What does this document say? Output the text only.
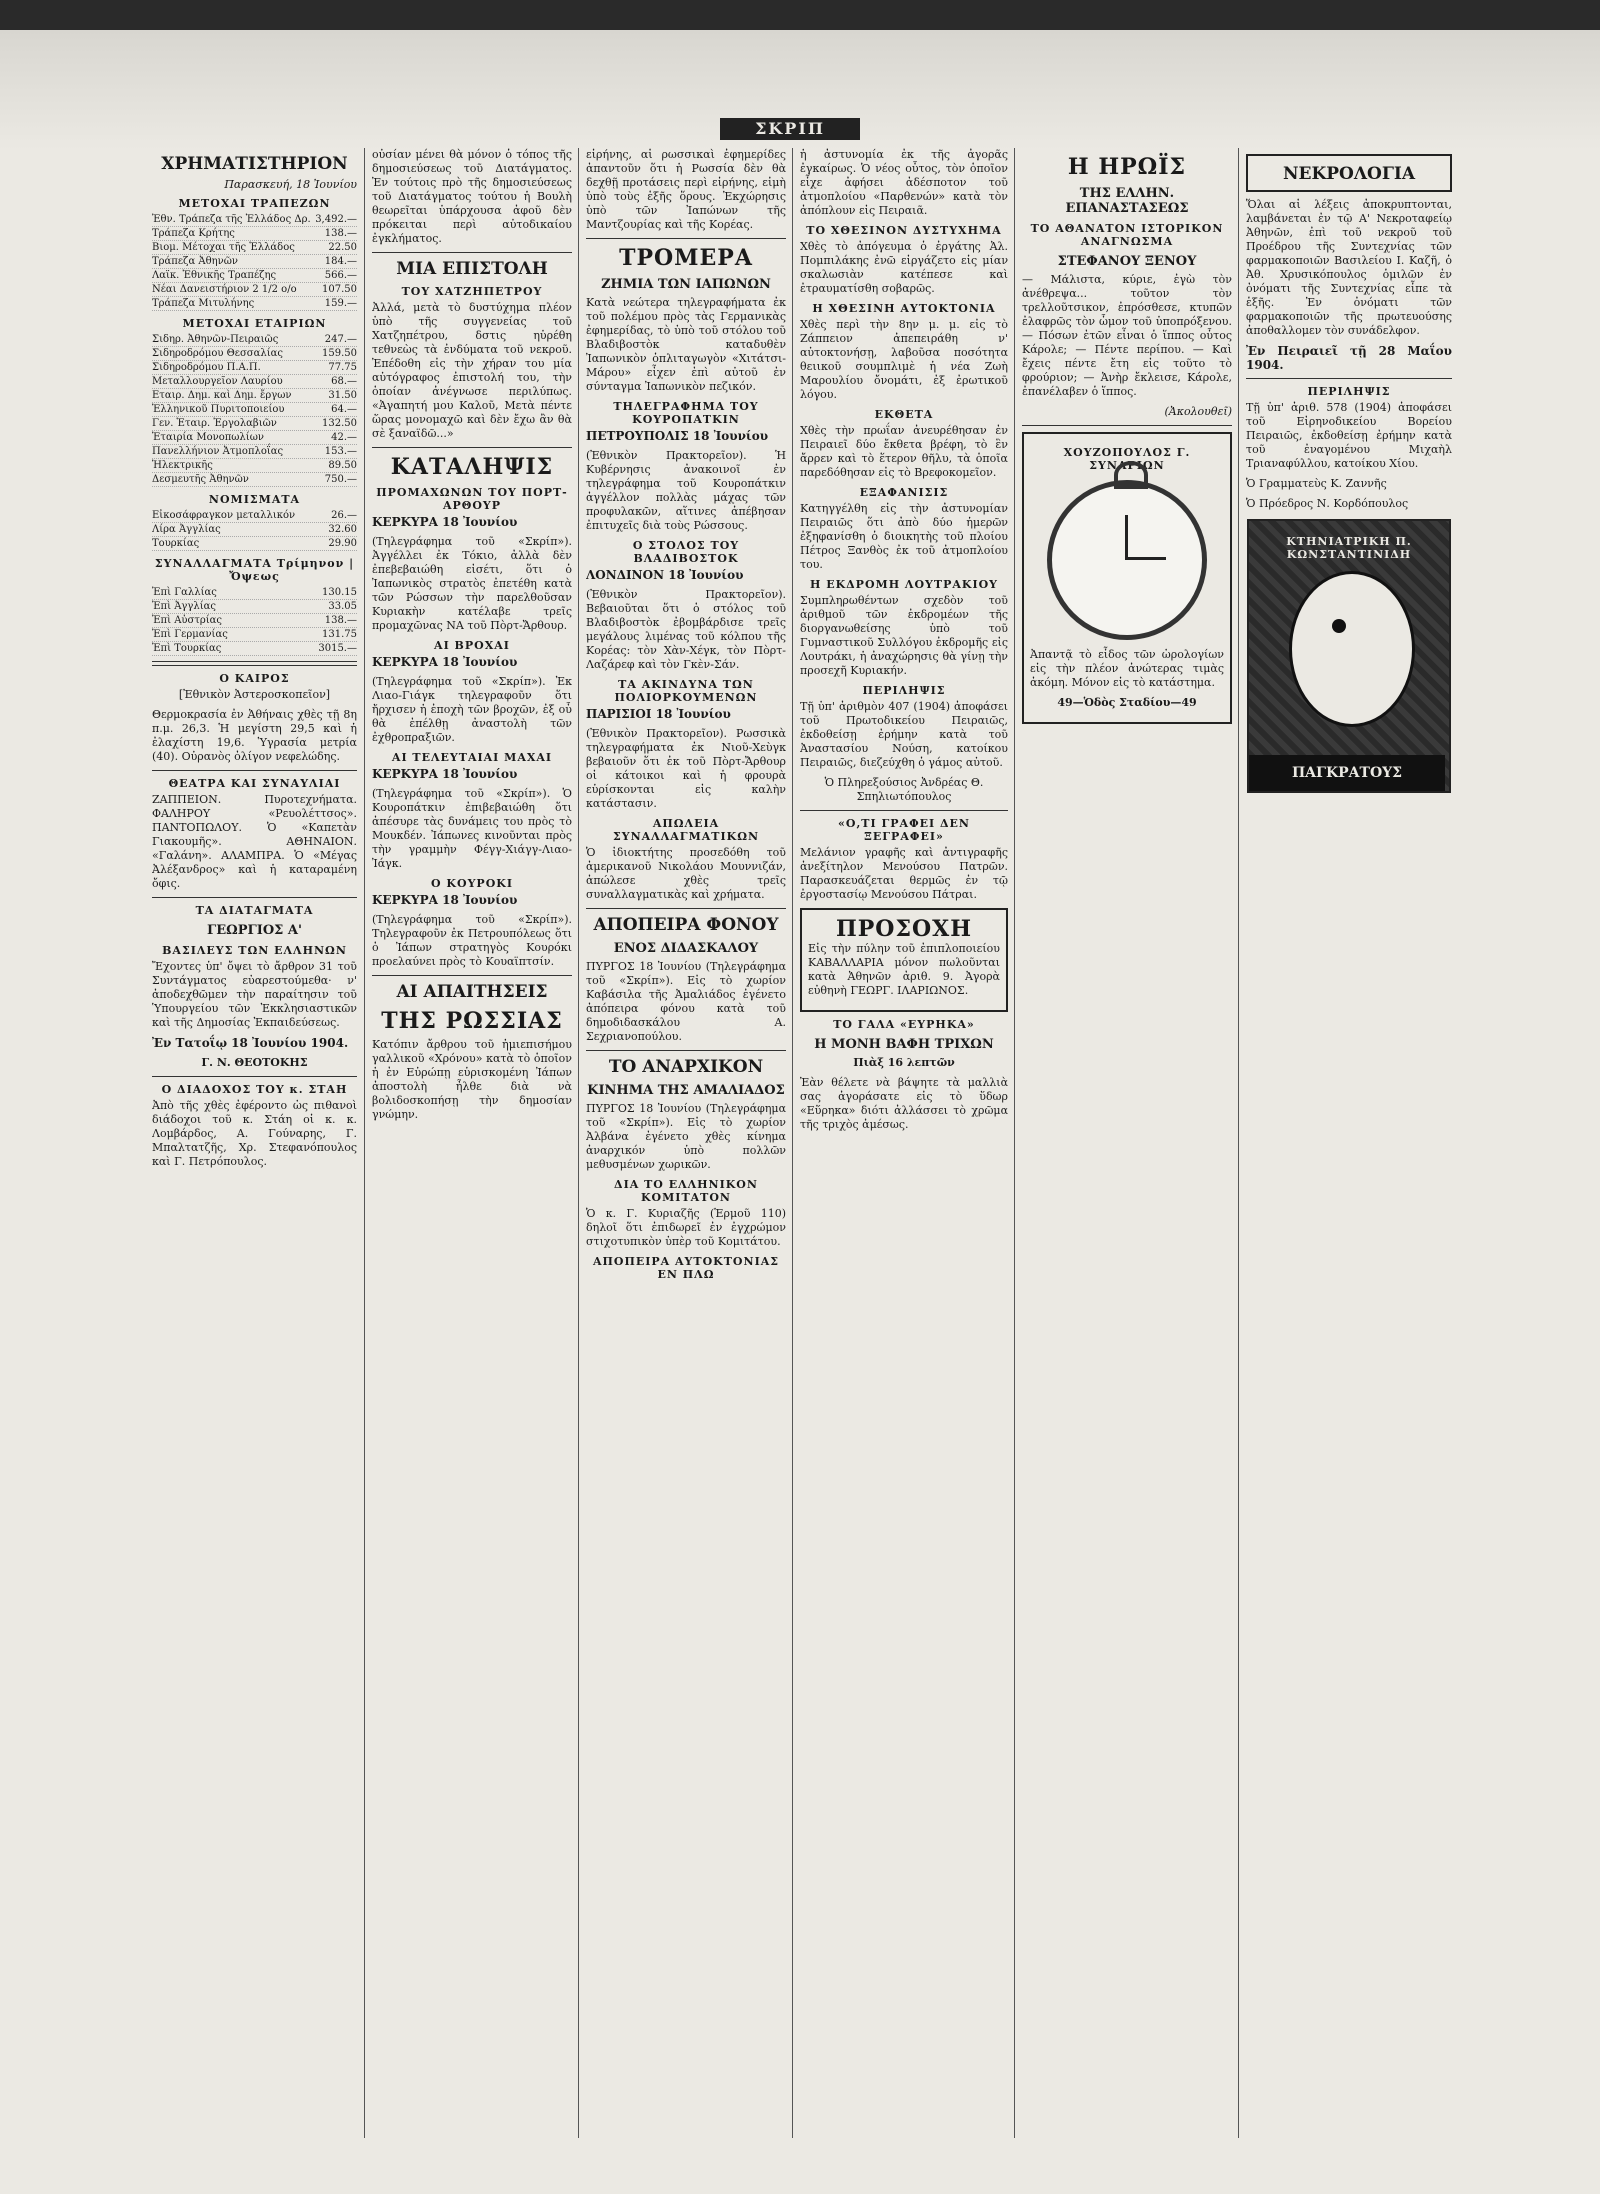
ΣΚΡΙΠ
ΧΡΗΜΑΤΙΣΤΗΡΙΟΝ
Παρασκευή, 18 Ἰουνίου
ΜΕΤΟΧΑΙ ΤΡΑΠΕΖΩΝ
Ἐθν. Τράπεζα τῆς Ἑλλάδος Δρ. 3,492.—
Τράπεζα Κρήτης	138.—
Βιομ. Μέτοχαι τῆς Ἑλλάδος	22.50
Τράπεζα Ἀθηνῶν	184.—
Λαϊκ. Ἐθνικῆς Τραπέζης	566.—
Νέαι Δανειστήριον 2 1/2 ο/ο	107.50
Τράπεζα Μιτυλήνης	159.—
ΜΕΤΟΧΑΙ ΕΤΑΙΡΙΩΝ
Σιδηρ. Ἀθηνῶν-Πειραιῶς	247.—
Σιδηροδρόμου Θεσσαλίας	159.50
Σιδηροδρόμου Π.Α.Π.	77.75
Μεταλλουργεῖον Λαυρίου	68.—
Εταιρ. Δημ. καὶ Δημ. ἔργων	31.50
Ἑλληνικοῦ Πυριτοποιείου	64.—
Γεν. Ἑταιρ. Ἐργολαβιῶν	132.50
Ἑταιρία Μονοπωλίων	42.—
Πανελλήνιον Ἀτμοπλοΐας	153.—
Ἡλεκτρικῆς	89.50
Δεσμευτῆς Ἀθηνῶν	750.—
ΝΟΜΙΣΜΑΤΑ
Εἰκοσάφραγκον μεταλλικόν	26.—
Λίρα Ἀγγλίας	32.60
Τουρκίας	29.90
ΣΥΝΑΛΛΑΓΜΑΤΑ Τρίμηνον | Ὄψεως
Ἐπὶ Γαλλίας	130.15
Ἐπὶ Ἀγγλίας	33.05
Ἐπὶ Αὐστρίας	138.—
Ἐπὶ Γερμανίας	131.75
Ἐπὶ Τουρκίας	3015.—
Ο ΚΑΙΡΟΣ
[Ἐθνικὸν Ἀστεροσκοπεῖον]
Θερμοκρασία ἐν Ἀθήναις χθὲς τῇ 8η π.μ. 26,3. Ἡ μεγίστη 29,5 καὶ ἡ ἐλαχίστη 19,6. Ὑγρασία μετρία (40). Οὐρανὸς ὀλίγον νεφελώδης.
ΘΕΑΤΡΑ ΚΑΙ ΣΥΝΑΥΛΙΑΙ
ΖΑΠΠΕΙΟΝ. Πυροτεχνήματα. ΦΑΛΗΡΟΥ «Ρευολέττσος». ΠΑΝΤΟΠΩΛΟΥ. Ὁ «Καπετὰν Γιακουμῆς». ΑΘΗΝΑΙΟΝ. «Γαλάνη». ΑΛΑΜΠΡΑ. Ὁ «Μέγας Ἀλέξανδρος» καὶ ἡ καταραμένη ὄφις.
ΤΑ ΔΙΑΤΑΓΜΑΤΑ
ΓΕΩΡΓΙΟΣ Α'
ΒΑΣΙΛΕΥΣ ΤΩΝ ΕΛΛΗΝΩΝ
Ἔχοντες ὑπ' ὄψει τὸ ἄρθρον 31 τοῦ Συντάγματος εὐαρεστούμεθα· ν' ἀποδεχθῶμεν τὴν παραίτησιν τοῦ Ὑπουργείου τῶν Ἐκκλησιαστικῶν καὶ τῆς Δημοσίας Ἐκπαιδεύσεως.
Ἐν Τατοΐῳ 18 Ἰουνίου 1904.
Γ. Ν. ΘΕΟΤΟΚΗΣ
Ο ΔΙΑΔΟΧΟΣ ΤΟΥ κ. ΣΤΑΗ
Ἀπὸ τῆς χθὲς ἐφέροντο ὡς πιθανοὶ διάδοχοι τοῦ κ. Στάη οἱ κ. κ. Λομβάρδος, Α. Γούναρης, Γ. Μπαλτατζῆς, Χρ. Στεφανόπουλος καὶ Γ. Πετρόπουλος.
οὐσίαν μένει θὰ μόνον ὁ τόπος τῆς δημοσιεύσεως τοῦ Διατάγματος. Ἐν τούτοις πρὸ τῆς δημοσιεύσεως τοῦ Διατάγματος τούτου ἡ Βουλὴ θεωρεῖται ὑπάρχουσα ἀφοῦ δὲν πρόκειται περὶ αὐτοδικαίου ἐγκλήματος.
ΜΙΑ ΕΠΙΣΤΟΛΗ
ΤΟΥ ΧΑΤΖΗΠΕΤΡΟΥ
Ἀλλά, μετὰ τὸ δυστύχημα πλέον ὑπὸ τῆς συγγενείας τοῦ Χατζηπέτρου, δστις ηὑρέθη τεθνεὼς τὰ ἐνδύματα τοῦ νεκροῦ. Ἐπέδοθη εἰς τὴν χήραν του μία αὐτόγραφος ἐπιστολή του, τὴν ὁποίαν ἀνέγνωσε περιλύπως. «Ἀγαπητή μου Καλοῦ, Μετὰ πέντε ὥρας μονομαχῶ καὶ δὲν ἔχω ἂν θὰ σὲ ξαναϊδῶ...»
ΚΑΤΑΛΗΨΙΣ
ΠΡΟΜΑΧΩΝΩΝ ΤΟΥ ΠΟΡΤ-ΑΡΘΟΥΡ
ΚΕΡΚΥΡΑ 18 Ἰουνίου
(Τηλεγράφημα τοῦ «Σκρίπ»). Ἀγγέλλει ἐκ Τόκιο, ἀλλὰ δὲν ἐπεβεβαιώθη εἰσέτι, ὅτι ὁ Ἰαπωνικὸς στρατὸς ἐπετέθη κατὰ τῶν Ρώσσων τὴν παρελθοῦσαν Κυριακὴν κατέλαβε τρεῖς προμαχῶνας ΝΑ τοῦ Πὸρτ-Ἄρθουρ.
ΑΙ ΒΡΟΧΑΙ
ΚΕΡΚΥΡΑ 18 Ἰουνίου
(Τηλεγράφημα τοῦ «Σκρίπ»). Ἐκ Λιαο-Γιάγκ τηλεγραφοῦν ὅτι ἤρχισεν ἡ ἐποχὴ τῶν βροχῶν, ἐξ οὗ θὰ ἐπέλθῃ ἀναστολὴ τῶν ἐχθροπραξιῶν.
ΑΙ ΤΕΛΕΥΤΑΙΑΙ ΜΑΧΑΙ
ΚΕΡΚΥΡΑ 18 Ἰουνίου
(Τηλεγράφημα τοῦ «Σκρίπ»). Ὁ Κουροπάτκιν ἐπιβεβαιώθη ὅτι ἀπέσυρε τὰς δυνάμεις του πρὸς τὸ Μουκδέν. Ἰάπωνες κινοῦνται πρὸς τὴν γραμμὴν Φέγγ-Χιάγγ-Λιαο-Ἰάγκ.
Ο ΚΟΥΡΟΚΙ
ΚΕΡΚΥΡΑ 18 Ἰουνίου
(Τηλεγράφημα τοῦ «Σκρίπ»). Τηλεγραφοῦν ἐκ Πετρουπόλεως ὅτι ὁ Ἰάπων στρατηγὸς Κουρόκι προελαύνει πρὸς τὸ Κουαϊπτσίν.
ΑΙ ΑΠΑΙΤΗΣΕΙΣ
ΤΗΣ ΡΩΣΣΙΑΣ
Κατόπιν ἄρθρου τοῦ ἡμιεπισήμου γαλλικοῦ «Χρόνου» κατὰ τὸ ὁποῖον ἡ ἐν Εὐρώπῃ εὑρισκομένη Ἰάπων ἀποστολὴ ἦλθε διὰ νὰ βολιδοσκοπήσῃ τὴν δημοσίαν γνώμην.
εἰρήνης, αἱ ρωσσικαὶ ἐφημερίδες ἀπαντοῦν ὅτι ἡ Ρωσσία δὲν θὰ δεχθῇ προτάσεις περὶ εἰρήνης, εἰμὴ ὑπὸ τοὺς ἑξῆς ὅρους. Ἐκχώρησις ὑπὸ τῶν Ἰαπώνων τῆς Μαντζουρίας καὶ τῆς Κορέας.
ΤΡΟΜΕΡΑ
ΖΗΜΙΑ ΤΩΝ ΙΑΠΩΝΩΝ
Κατὰ νεώτερα τηλεγραφήματα ἐκ τοῦ πολέμου πρὸς τὰς Γερμανικὰς ἐφημερίδας, τὸ ὑπὸ τοῦ στόλου τοῦ Βλαδιβοστὸκ καταδυθὲν Ἰαπωνικὸν ὁπλιταγωγὸν «Χιτάτσι-Μάρου» εἶχεν ἐπὶ αὐτοῦ ἐν σύνταγμα Ἰαπωνικὸν πεζικόν.
ΤΗΛΕΓΡΑΦΗΜΑ ΤΟΥ ΚΟΥΡΟΠΑΤΚΙΝ
ΠΕΤΡΟΥΠΟΛΙΣ 18 Ἰουνίου
(Ἐθνικὸν Πρακτορεῖον). Ἡ Κυβέρνησις ἀνακοινοῖ ἐν τηλεγράφημα τοῦ Κουροπάτκιν ἀγγέλλον πολλὰς μάχας τῶν προφυλακῶν, αἵτινες ἀπέβησαν ἐπιτυχεῖς διὰ τοὺς Ρώσσους.
Ο ΣΤΟΛΟΣ ΤΟΥ ΒΛΑΔΙΒΟΣΤΟΚ
ΛΟΝΔΙΝΟΝ 18 Ἰουνίου
(Ἐθνικὸν Πρακτορεῖον). Βεβαιοῦται ὅτι ὁ στόλος τοῦ Βλαδιβοστὸκ ἐβομβάρδισε τρεῖς μεγάλους λιμένας τοῦ κόλπου τῆς Κορέας: τὸν Χὰν-Χέγκ, τὸν Πὸρτ-Λαζάρεφ καὶ τὸν Γκὲν-Σάν.
ΤΑ ΑΚΙΝΔΥΝΑ ΤΩΝ ΠΟΛΙΟΡΚΟΥΜΕΝΩΝ
ΠΑΡΙΣΙΟΙ 18 Ἰουνίου
(Ἐθνικὸν Πρακτορεῖον). Ρωσσικὰ τηλεγραφήματα ἐκ Νιοῦ-Χεὺγκ βεβαιοῦν ὅτι ἐκ τοῦ Πὸρτ-Ἄρθουρ οἱ κάτοικοι καὶ ἡ φρουρὰ εὑρίσκονται εἰς καλὴν κατάστασιν.
ΑΠΩΛΕΙΑ ΣΥΝΑΛΛΑΓΜΑΤΙΚΩΝ
Ὁ ἰδιοκτήτης προσεδόθη τοῦ ἀμερικανοῦ Νικολάου Μουννιζάν, ἀπώλεσε χθὲς τρεῖς συναλλαγματικὰς καὶ χρήματα.
ΑΠΟΠΕΙΡΑ ΦΟΝΟΥ
ΕΝΟΣ ΔΙΔΑΣΚΑΛΟΥ
ΠΥΡΓΟΣ 18 Ἰουνίου (Τηλεγράφημα τοῦ «Σκρίπ»). Εἰς τὸ χωρίον Καβάσιλα τῆς Ἀμαλιάδος ἐγένετο ἀπόπειρα φόνου κατὰ τοῦ δημοδιδασκάλου Α. Σεχριανοπούλου.
ΤΟ ΑΝΑΡΧΙΚΟΝ
ΚΙΝΗΜΑ ΤΗΣ ΑΜΑΛΙΑΔΟΣ
ΠΥΡΓΟΣ 18 Ἰουνίου (Τηλεγράφημα τοῦ «Σκρίπ»). Εἰς τὸ χωρίον Ἀλβάνα ἐγένετο χθὲς κίνημα ἀναρχικόν ὑπὸ πολλῶν μεθυσμένων χωρικῶν.
ΔΙΑ ΤΟ ΕΛΛΗΝΙΚΟΝ ΚΟΜΙΤΑΤΟΝ
Ὁ κ. Γ. Κυριαζῆς (Ἑρμοῦ 110) δηλοῖ ὅτι ἐπιδωρεῖ ἐν ἐγχρώμον στιχοτυπικὸν ὑπὲρ τοῦ Κομιτάτου.
ΑΠΟΠΕΙΡΑ ΑΥΤΟΚΤΟΝΙΑΣ ΕΝ ΠΛΩ
ἡ ἀστυνομία ἐκ τῆς ἀγορᾶς ἐγκαίρως. Ὁ νέος οὗτος, τὸν ὁποῖον εἶχε ἀφήσει ἀδέσποτον τοῦ ἀτμοπλοίου «Παρθενών» κατὰ τὸν ἀπόπλουν εἰς Πειραιᾶ.
ΤΟ ΧΘΕΣΙΝΟΝ ΔΥΣΤΥΧΗΜΑ
Χθὲς τὸ ἀπόγευμα ὁ ἐργάτης Ἀλ. Πομπιλάκης ἐνῶ εἰργάζετο εἰς μίαν σκαλωσιὰν κατέπεσε καὶ ἐτραυματίσθη σοβαρῶς.
Η ΧΘΕΣΙΝΗ ΑΥΤΟΚΤΟΝΙΑ
Χθὲς περὶ τὴν 8ην μ. μ. εἰς τὸ Ζάππειον ἀπεπειράθη ν' αὐτοκτονήσῃ, λαβοῦσα ποσότητα θειικοῦ σουμπλιμὲ ἡ νέα Ζωὴ Μαρουλίου ὄνομάτι, ἐξ ἐρωτικοῦ λόγου.
ΕΚΘΕΤΑ
Χθὲς τὴν πρωΐαν ἀνευρέθησαν ἐν Πειραιεῖ δύο ἔκθετα βρέφη, τὸ ἓν ἄρρεν καὶ τὸ ἕτερον θῆλυ, τὰ ὁποῖα παρεδόθησαν εἰς τὸ Βρεφοκομεῖον.
ΕΞΑΦΑΝΙΣΙΣ
Κατηγγέλθη εἰς τὴν ἀστυνομίαν Πειραιῶς ὅτι ἀπὸ δύο ἡμερῶν ἐξηφανίσθη ὁ διοικητὴς τοῦ πλοίου Πέτρος Ξανθὸς ἐκ τοῦ ἀτμοπλοίου του.
Η ΕΚΔΡΟΜΗ ΛΟΥΤΡΑΚΙΟΥ
Συμπληρωθέντων σχεδὸν τοῦ ἀριθμοῦ τῶν ἐκδρομέων τῆς διοργανωθείσης ὑπὸ τοῦ Γυμναστικοῦ Συλλόγου ἐκδρομῆς εἰς Λουτράκι, ἡ ἀναχώρησις θὰ γίνῃ τὴν προσεχῆ Κυριακήν.
ΠΕΡΙΛΗΨΙΣ
Τῇ ὑπ' ἀριθμὸν 407 (1904) ἀποφάσει τοῦ Πρωτοδικείου Πειραιῶς, ἐκδοθείσῃ ἐρήμην κατὰ τοῦ Ἀναστασίου Νούση, κατοίκου Πειραιῶς, διεζεύχθη ὁ γάμος αὐτοῦ.
Ὁ Πληρεξούσιος Ἀνδρέας Θ. Σπηλιωτόπουλος
«Ο,ΤΙ ΓΡΑΦΕΙ ΔΕΝ ΞΕΓΡΑΦΕΙ»
Μελάνιον γραφῆς καὶ ἀντιγραφῆς ἀνεξίτηλον Μενούσου Πατρῶν. Παρασκευάζεται θερμῶς ἐν τῷ ἐργοστασίῳ Μενούσου Πάτραι.
ΠΡΟΣΟΧΗ
Εἰς τὴν πύλην τοῦ ἐπιπλοποιείου ΚΑΒΑΛΛΑΡΙΑ μόνον πωλοῦνται κατὰ Ἀθηνῶν ἀριθ. 9. Ἀγορὰ εὐθηνὴ ΓΕΩΡΓ. ΙΛΑΡΙΩΝΟΣ.
ΤΟ ΓΑΛΑ «ΕΥΡΗΚΑ»
Η ΜΟΝΗ ΒΑΦΗ ΤΡΙΧΩΝ
Πιὰξ 16 λεπτῶν
Ἐὰν θέλετε νὰ βάψητε τὰ μαλλιὰ σας ἀγοράσατε εἰς τὸ ὕδωρ «Εὕρηκα» διότι ἀλλάσσει τὸ χρῶμα τῆς τριχὸς ἀμέσως.
Η ΗΡΩΪΣ
ΤΗΣ ΕΛΛΗΝ. ΕΠΑΝΑΣΤΑΣΕΩΣ
ΤΟ ΑΘΑΝΑΤΟΝ ΙΣΤΟΡΙΚΟΝ ΑΝΑΓΝΩΣΜΑ
ΣΤΕΦΑΝΟΥ ΞΕΝΟΥ
— Μάλιστα, κύριε, ἐγὼ τὸν ἀνέθρεψα... τοῦτον τὸν τρελλοῦτσικον, ἐπρόσθεσε, κτυπῶν ἐλαφρῶς τὸν ὦμον τοῦ ὑποπρόξενου. — Πόσων ἐτῶν εἶναι ὁ ἵππος οὗτος Κάρολε; — Πέντε περίπου. — Καὶ ἔχεις πέντε ἔτη εἰς τοῦτο τὸ φρούριον; — Ἀνὴρ ἔκλεισε, Κάρολε, ἐπανέλαβεν ὁ ἵππος.
(Ἀκολουθεῖ)
ΧΟΥΖΟΠΟΥΛΟΣ Γ. ΣΥΝΑΡΙΩΝ
Ἀπαντᾷ τὸ εἶδος τῶν ὡρολογίων εἰς τὴν πλέον ἀνώτερας τιμὰς ἀκόμη. Μόνον εἰς τὸ κατάστημα.
49—Ὁδὸς Σταδίου—49
ΝΕΚΡΟΛΟΓΙΑ
Ὅλαι αἱ λέξεις ἀποκρυπτονται, λαμβάνεται ἐν τῷ Α' Νεκροταφείῳ Ἀθηνῶν, ἐπὶ τοῦ νεκροῦ τοῦ Προέδρου τῆς Συντεχνίας τῶν φαρμακοποιῶν Βασιλείου Ι. Καζῆ, ὁ Ἀθ. Χρυσικόπουλος ὁμιλῶν ἐν ὀνόματι τῆς Συντεχνίας εἶπε τὰ ἑξῆς. Ἐν ὀνόματι τῶν φαρμακοποιῶν τῆς πρωτευούσης ἀποθαλλομεν τὸν συνάδελφον.
Ἐν Πειραιεῖ τῇ 28 Μαΐου 1904.
ΠΕΡΙΛΗΨΙΣ
Τῇ ὑπ' ἀριθ. 578 (1904) ἀποφάσει τοῦ Εἰρηνοδικείου Βορείου Πειραιῶς, ἐκδοθείσῃ ἐρήμην κατὰ τοῦ ἐναγομένου Μιχαὴλ Τριαναφύλλου, κατοίκου Χίου.
Ὁ Γραμματεὺς Κ. Ζαννῆς
Ὁ Πρόεδρος Ν. Κορδόπουλος
ΚΤΗΝΙΑΤΡΙΚΗ Π. ΚΩΝΣΤΑΝΤΙΝΙΔΗ
ΠΑΓΚΡΑΤΟΥΣ
